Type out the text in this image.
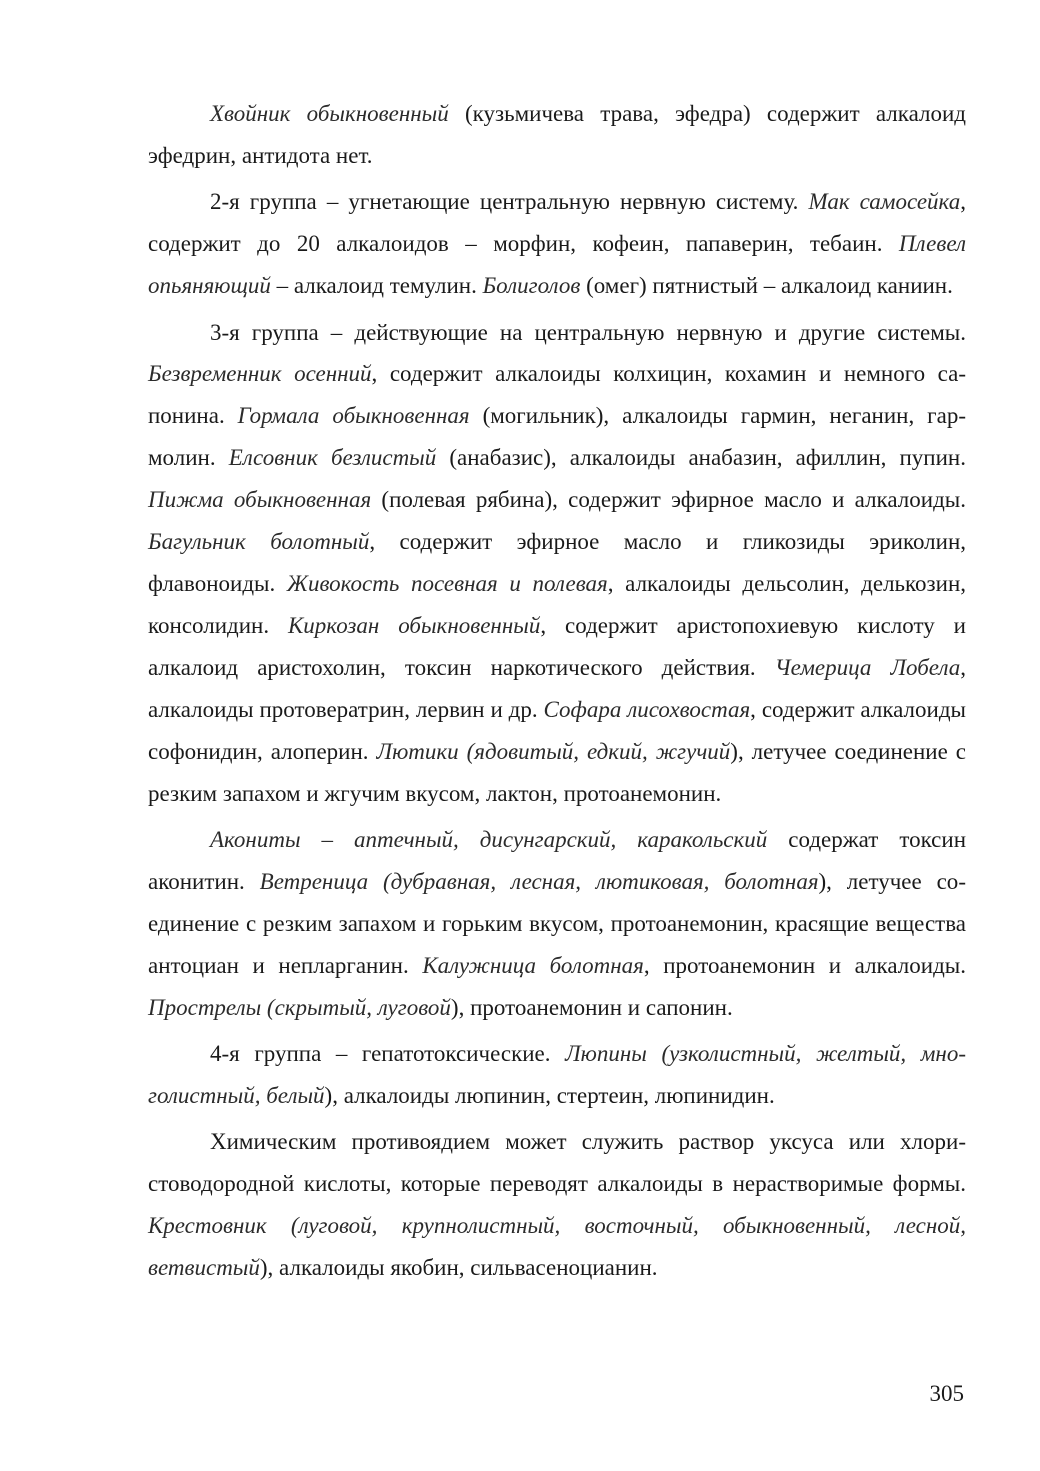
Хвойник обыкновенный (кузьмичева трава, эфедра) содержит алкалоид эфедрин, антидота нет.

2-я группа – угнетающие центральную нервную систему. Мак самосейка, содержит до 20 алкалоидов – морфин, кофеин, папаверин, тебаин. Плевел опьяняющий – алкалоид темулин. Болиголов (омег) пятнистый – алкалоид каниин.

3-я группа – действующие на центральную нервную и другие системы. Безвременник осенний, содержит алкалоиды колхицин, кохамин и немного сапонина. Гормала обыкновенная (могильник), алкалоиды гармин, неганин, гармолин. Елсовник безлистый (анабазис), алкалоиды анабазин, афиллин, пупин. Пижма обыкновенная (полевая рябина), содержит эфирное масло и алкалоиды. Багульник болотный, содержит эфирное масло и гликозиды эриколин, флавоноиды. Живокость посевная и полевая, алкалоиды дельсолин, делькозин, консолидин. Киркозан обыкновенный, содержит аристопохиевую кислоту и алкалоид аристохолин, токсин наркотического действия. Чемерица Лобела, алкалоиды протовератрин, лервин и др. Софара лисохвостая, содержит алкалоиды софонидин, алоперин. Лютики (ядовитый, едкий, жгучий), летучее соединение с резким запахом и жгучим вкусом, лактон, протоанемонин.

Акониты – аптечный, дисунгарский, каракольский содержат токсин аконитин. Ветреница (дубравная, лесная, лютиковая, болотная), летучее соединение с резким запахом и горьким вкусом, протоанемонин, красящие вещества антоциан и непларганин. Калужница болотная, протоанемонин и алкалоиды. Прострелы (скрытый, луговой), протоанемонин и сапонин.

4-я группа – гепатотоксические. Люпины (узколистный, желтый, многолистный, белый), алкалоиды люпинин, стертеин, люпинидин.

Химическим противоядием может служить раствор уксуса или хлористоводородной кислоты, которые переводят алкалоиды в нерастворимые формы. Крестовник (луговой, крупнолистный, восточный, обыкновенный, лесной, ветвистый), алкалоиды якобин, сильвасеноцианин.

305
